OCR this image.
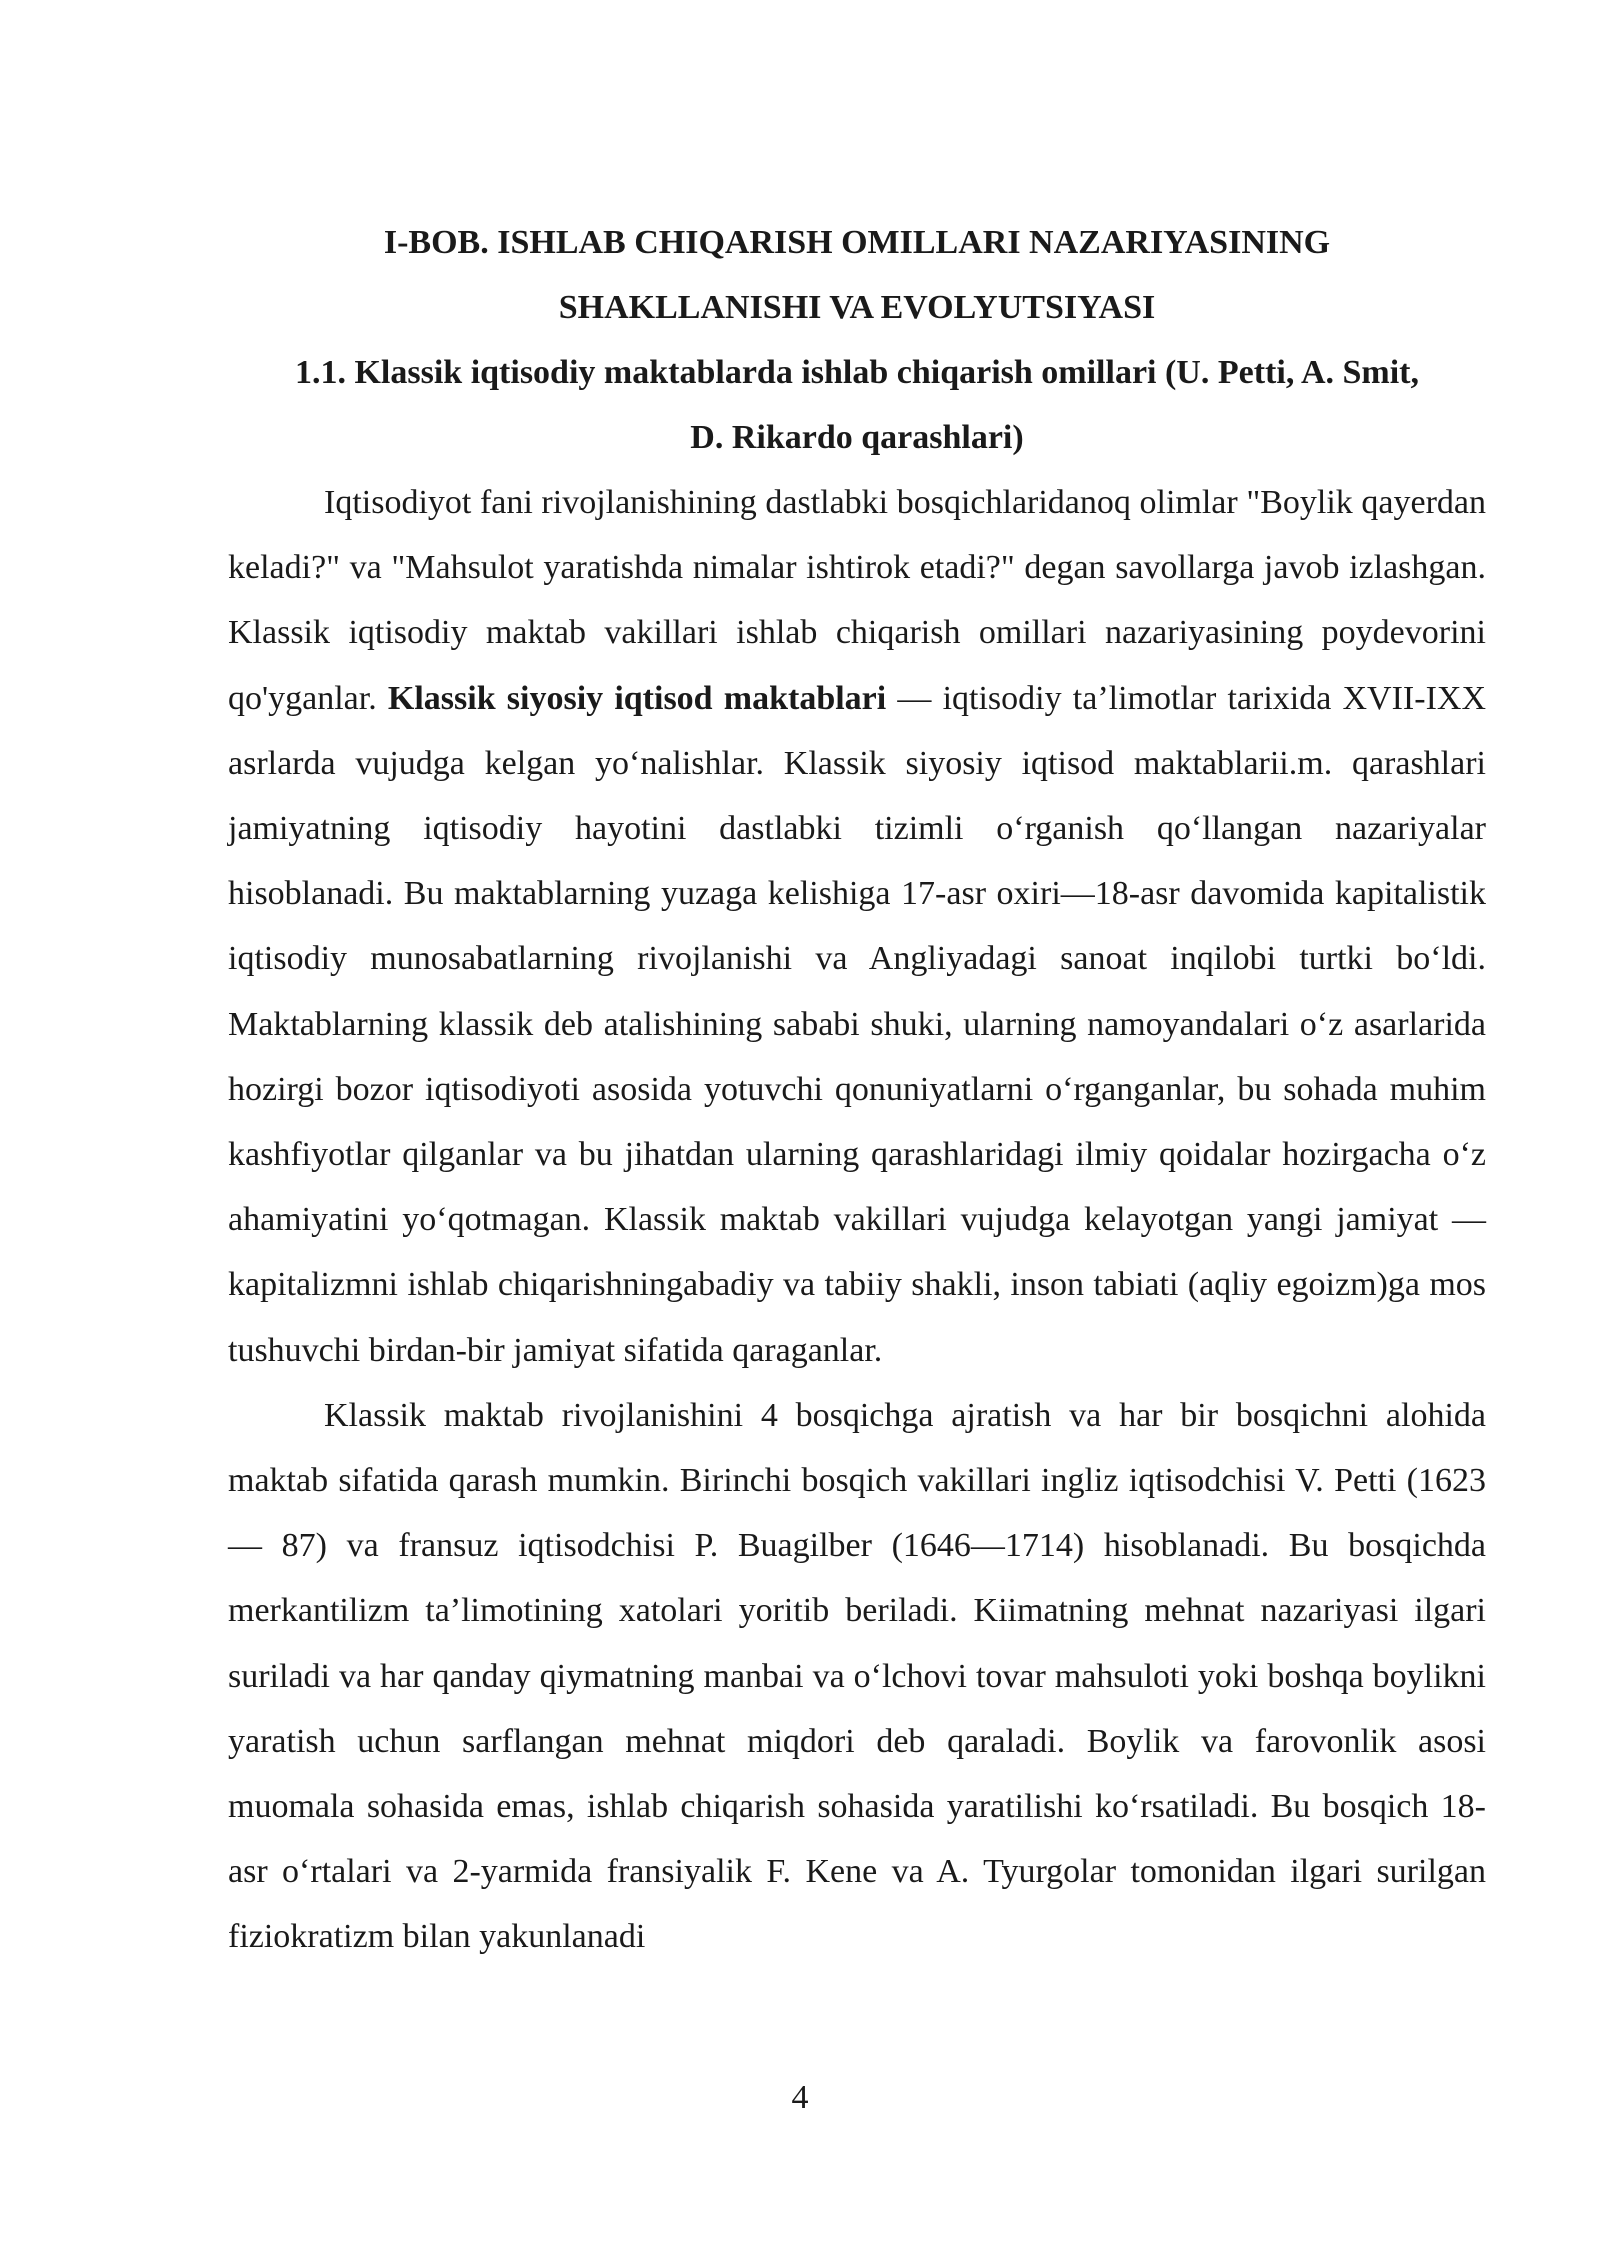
I-BOB. ISHLAB CHIQARISH OMILLARI NAZARIYASINING
SHAKLLANISHI VA EVOLYUTSIYASI

1.1. Klassik iqtisodiy maktablarda ishlab chiqarish omillari (U. Petti, A. Smit,
D. Rikardo qarashlari)

Iqtisodiyot fani rivojlanishining dastlabki bosqichlaridanoq olimlar "Boylik qayerdan keladi?" va "Mahsulot yaratishda nimalar ishtirok etadi?" degan savollarga javob izlashgan. Klassik iqtisodiy maktab vakillari ishlab chiqarish omillari nazariyasining poydevorini qo'yganlar. Klassik siyosiy iqtisod maktablari — iqtisodiy ta’limotlar tarixida XVII-IXX asrlarda vujudga kelgan yo‘nalishlar. Klassik siyosiy iqtisod maktablarii.m. qarashlari jamiyatning iqtisodiy hayotini dastlabki tizimli o‘rganish qo‘llangan nazariyalar hisoblanadi. Bu maktablarning yuzaga kelishiga 17-asr oxiri—18-asr davomida kapitalistik iqtisodiy munosabatlarning rivojlanishi va Angliyadagi sanoat inqilobi turtki bo‘ldi. Maktablarning klassik deb atalishining sababi shuki, ularning namoyandalari o‘z asarlarida hozirgi bozor iqtisodiyoti asosida yotuvchi qonuniyatlarni o‘rganganlar, bu sohada muhim kashfiyotlar qilganlar va bu jihatdan ularning qarashlaridagi ilmiy qoidalar hozirgacha o‘z ahamiyatini yo‘qotmagan. Klassik maktab vakillari vujudga kelayotgan yangi jamiyat — kapitalizmni ishlab chiqarishningabadiy va tabiiy shakli, inson tabiati (aqliy egoizm)ga mos tushuvchi birdan-bir jamiyat sifatida qaraganlar.

Klassik maktab rivojlanishini 4 bosqichga ajratish va har bir bosqichni alohida maktab sifatida qarash mumkin. Birinchi bosqich vakillari ingliz iqtisodchisi V. Petti (1623— 87) va fransuz iqtisodchisi P. Buagilber (1646—1714) hisoblanadi. Bu bosqichda merkantilizm ta’limotining xatolari yoritib beriladi. Kiimatning mehnat nazariyasi ilgari suriladi va har qanday qiymatning manbai va o‘lchovi tovar mahsuloti yoki boshqa boylikni yaratish uchun sarflangan mehnat miqdori deb qaraladi. Boylik va farovonlik asosi muomala sohasida emas, ishlab chiqarish sohasida yaratilishi ko‘rsatiladi. Bu bosqich 18-asr o‘rtalari va 2-yarmida fransiyalik F. Kene va A. Tyurgolar tomonidan ilgari surilgan fiziokratizm bilan yakunlanadi

4
